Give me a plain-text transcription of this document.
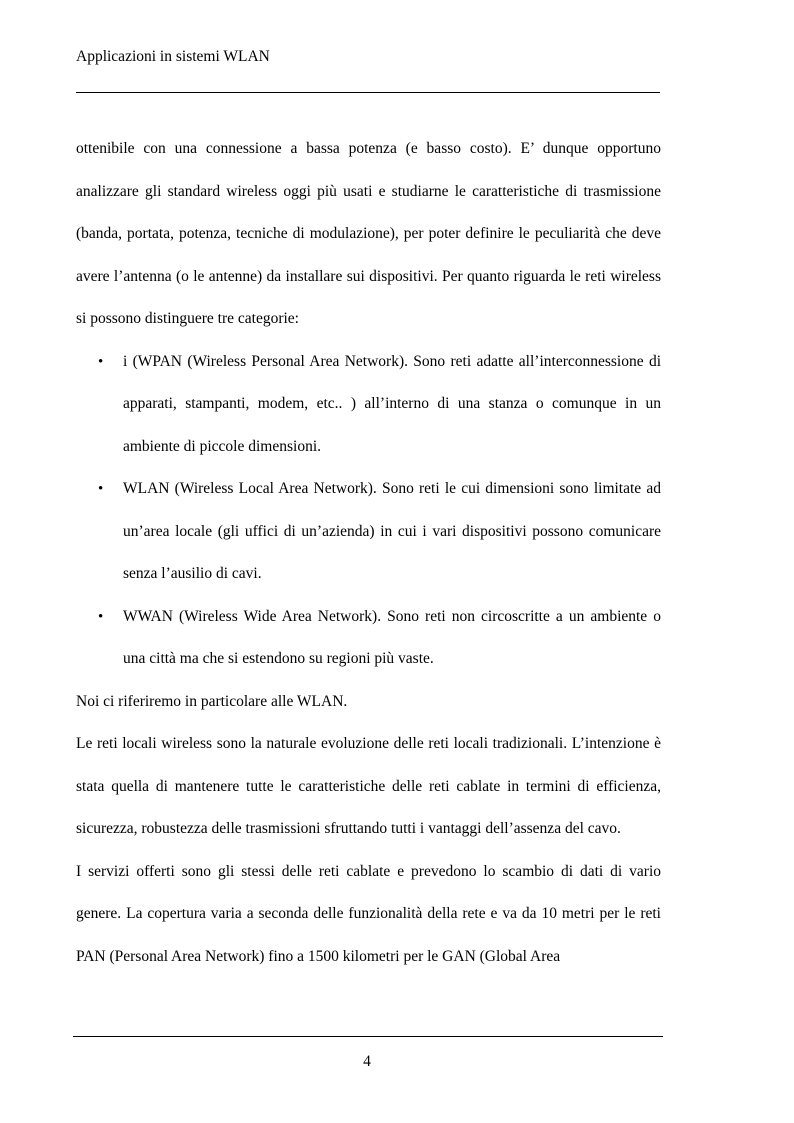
Applicazioni in sistemi WLAN

ottenibile con una connessione a bassa potenza (e basso costo). E’ dunque opportuno analizzare gli standard wireless oggi più usati e studiarne le caratteristiche di trasmissione (banda, portata, potenza, tecniche di modulazione), per poter definire le peculiarità che deve avere l’antenna (o le antenne) da installare sui dispositivi. Per quanto riguarda le reti wireless si possono distinguere tre categorie:

• i (WPAN (Wireless Personal Area Network). Sono reti adatte all’interconnessione di apparati, stampanti, modem, etc.. ) all’interno di una stanza o comunque in un ambiente di piccole dimensioni.

• WLAN (Wireless Local Area Network). Sono reti le cui dimensioni sono limitate ad un’area locale (gli uffici di un’azienda) in cui i vari dispositivi possono comunicare senza l’ausilio di cavi.

• WWAN (Wireless Wide Area Network). Sono reti non circoscritte a un ambiente o una città ma che si estendono su regioni più vaste.

Noi ci riferiremo in particolare alle WLAN.

Le reti locali wireless sono la naturale evoluzione delle reti locali tradizionali. L’intenzione è stata quella di mantenere tutte le caratteristiche delle reti cablate in termini di efficienza, sicurezza, robustezza delle trasmissioni sfruttando tutti i vantaggi dell’assenza del cavo.

I servizi offerti sono gli stessi delle reti cablate e prevedono lo scambio di dati di vario genere. La copertura varia a seconda delle funzionalità della rete e va da 10 metri per le reti PAN (Personal Area Network) fino a 1500 kilometri per le GAN (Global Area

4
